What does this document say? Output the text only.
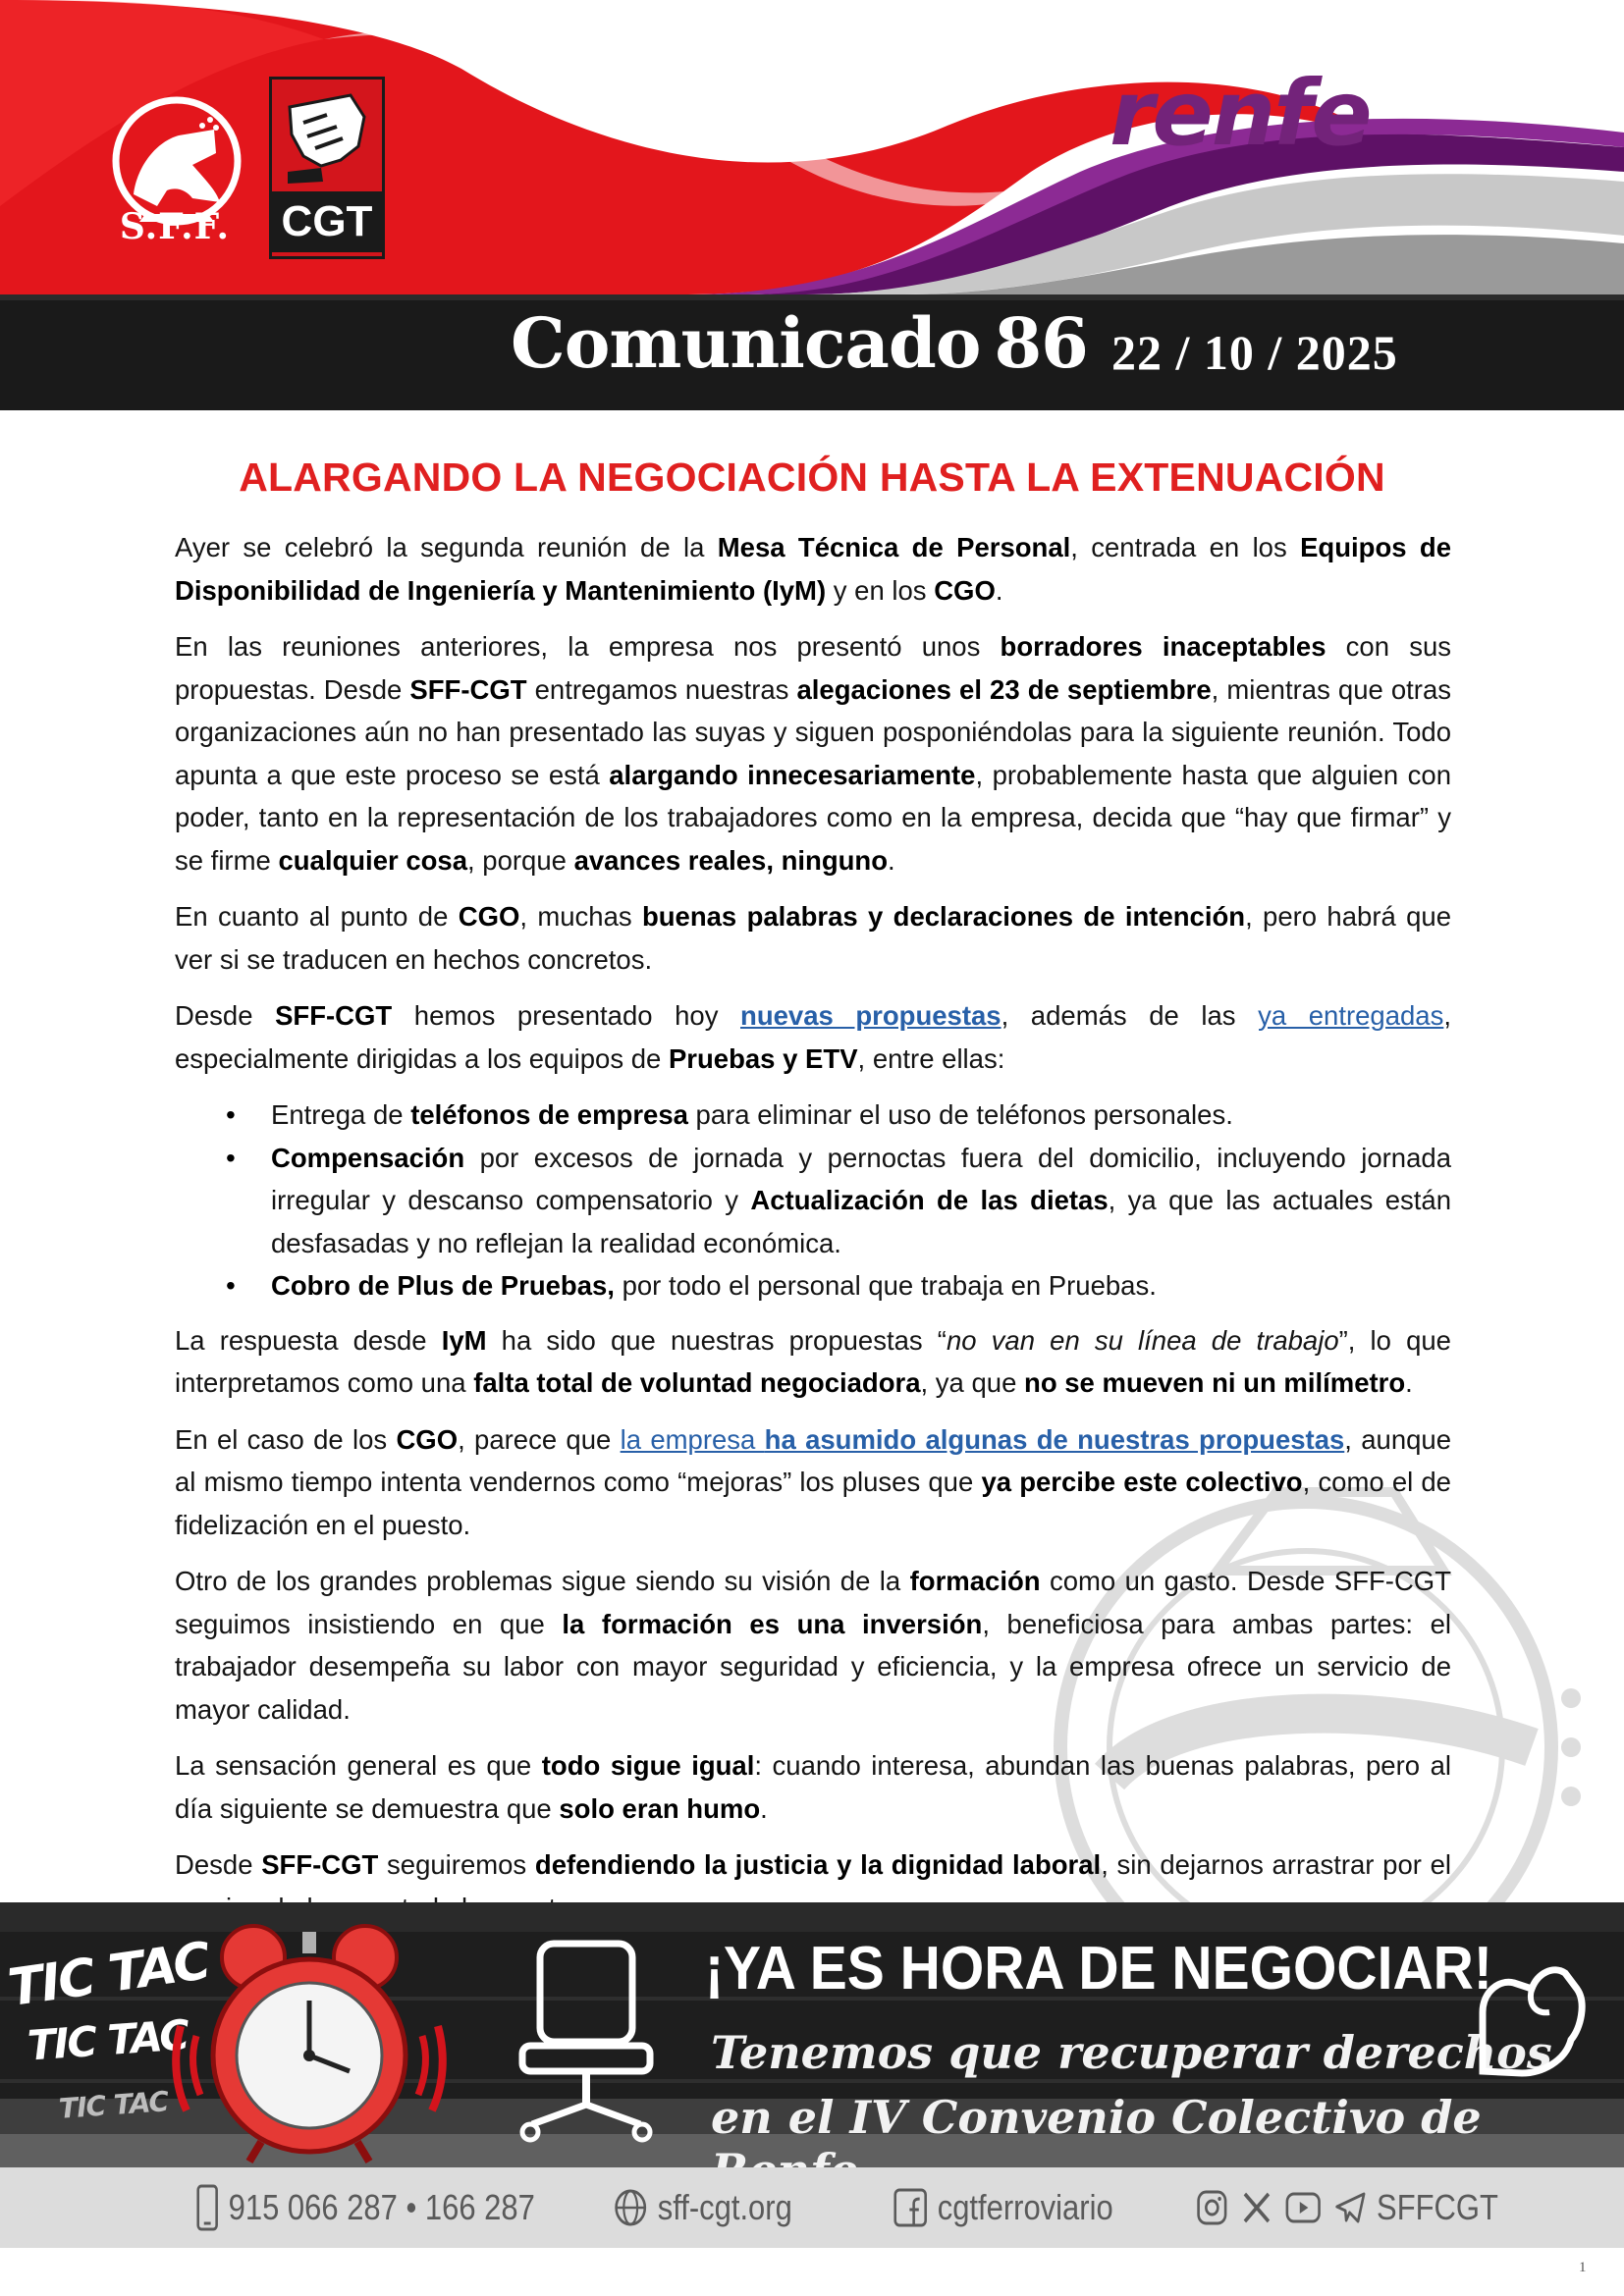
S.F.F.	CGT
renfe
Comunicado 86 22 / 10 / 2025
ALARGANDO LA NEGOCIACIÓN HASTA LA EXTENUACIÓN

Ayer se celebró la segunda reunión de la Mesa Técnica de Personal, centrada en los Equipos de Disponibilidad de Ingeniería y Mantenimiento (IyM) y en los CGO.

En las reuniones anteriores, la empresa nos presentó unos borradores inaceptables con sus propuestas. Desde SFF-CGT entregamos nuestras alegaciones el 23 de septiembre, mientras que otras organizaciones aún no han presentado las suyas y siguen posponiéndolas para la siguiente reunión. Todo apunta a que este proceso se está alargando innecesariamente, probablemente hasta que alguien con poder, tanto en la representación de los trabajadores como en la empresa, decida que “hay que firmar” y se firme cualquier cosa, porque avances reales, ninguno.

En cuanto al punto de CGO, muchas buenas palabras y declaraciones de intención, pero habrá que ver si se traducen en hechos concretos.

Desde SFF-CGT hemos presentado hoy nuevas propuestas, además de las ya entregadas, especialmente dirigidas a los equipos de Pruebas y ETV, entre ellas:

• Entrega de teléfonos de empresa para eliminar el uso de teléfonos personales.
• Compensación por excesos de jornada y pernoctas fuera del domicilio, incluyendo jornada irregular y descanso compensatorio y Actualización de las dietas, ya que las actuales están desfasadas y no reflejan la realidad económica.
• Cobro de Plus de Pruebas, por todo el personal que trabaja en Pruebas.

La respuesta desde IyM ha sido que nuestras propuestas “no van en su línea de trabajo”, lo que interpretamos como una falta total de voluntad negociadora, ya que no se mueven ni un milímetro.

En el caso de los CGO, parece que la empresa ha asumido algunas de nuestras propuestas, aunque al mismo tiempo intenta vendernos como “mejoras” los pluses que ya percibe este colectivo, como el de fidelización en el puesto.

Otro de los grandes problemas sigue siendo su visión de la formación como un gasto. Desde SFF-CGT seguimos insistiendo en que la formación es una inversión, beneficiosa para ambas partes: el trabajador desempeña su labor con mayor seguridad y eficiencia, y la empresa ofrece un servicio de mayor calidad.

La sensación general es que todo sigue igual: cuando interesa, abundan las buenas palabras, pero al día siguiente se demuestra que solo eran humo.

Desde SFF-CGT seguiremos defendiendo la justicia y la dignidad laboral, sin dejarnos arrastrar por el

TIC TAC
TIC TAC
TIC TAC
¡YA ES HORA DE NEGOCIAR!
Tenemos que recuperar derechos
en el IV Convenio Colectivo de
915 066 287 • 166 287	sff-cgt.org	cgtferroviario	SFFCGT
1
